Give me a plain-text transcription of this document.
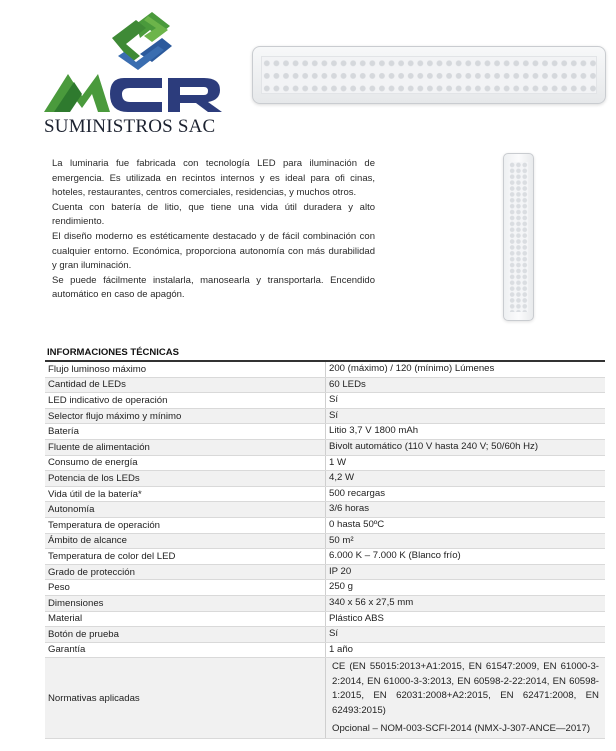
SUMINISTROS SAC

La luminaria fue fabricada con tecnología LED para iluminación de emergencia. Es utilizada en recintos internos y es ideal para ofi cinas, hoteles, restaurantes, centros comerciales, residencias, y muchos otros.

Cuenta con batería de litio, que tiene una vida útil duradera y alto rendimiento.

El diseño moderno es estéticamente destacado y de fácil combinación con cualquier entorno. Económica, proporciona autonomía con más durabilidad y gran iluminación.

Se puede fácilmente instalarla, manosearla y transportarla. Encendido automático en caso de apagón.

INFORMACIONES TÉCNICAS
Flujo luminoso máximo	200 (máximo) / 120 (mínimo) Lúmenes
Cantidad de LEDs	60 LEDs
LED indicativo de operación	Sí
Selector flujo máximo y mínimo	Sí
Batería	Litio 3,7 V 1800 mAh
Fluente de alimentación	Bivolt automático (110 V hasta 240 V; 50/60h Hz)
Consumo de energía	1 W
Potencia de los LEDs	4,2 W
Vida útil de la batería*	500 recargas
Autonomía	3/6 horas
Temperatura de operación	0 hasta 50ºC
Ámbito de alcance	50 m²
Temperatura de color del LED	6.000 K – 7.000 K (Blanco frío)
Grado de protección	IP 20
Peso	250 g
Dimensiones	340 x 56 x 27,5 mm
Material	Plástico ABS
Botón de prueba	Sí
Garantía	1 año
Normativas aplicadas	CE (EN 55015:2013+A1:2015, EN 61547:2009, EN 61000-3-2:2014, EN 61000-3-3:2013, EN 60598-2-22:2014, EN 60598-1:2015, EN 62031:2008+A2:2015, EN 62471:2008, EN 62493:2015)

Opcional – NOM-003-SCFI-2014 (NMX-J-307-ANCE—2017)
